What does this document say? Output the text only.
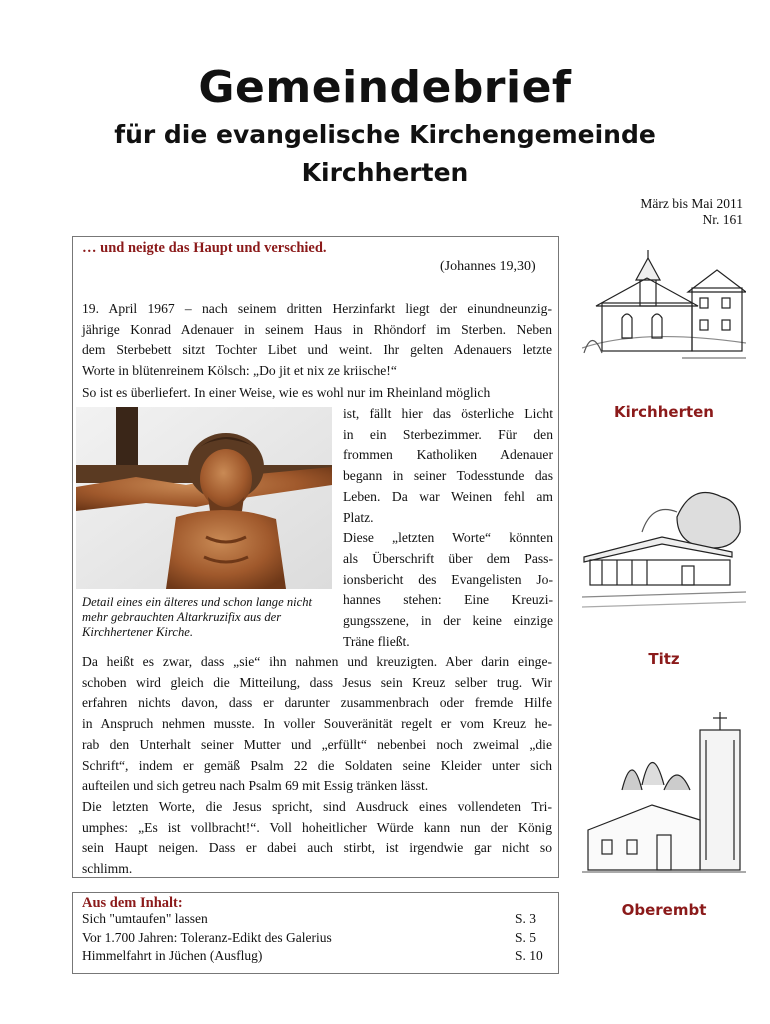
Gemeindebrief
für die evangelische Kirchengemeinde
Kirchherten
März bis Mai 2011
Nr. 161
… und neigte das Haupt und verschied.
(Johannes 19,30)
19. April 1967 – nach seinem dritten Herzinfarkt liegt der einundneunzig-
jährige Konrad Adenauer in seinem Haus in Rhöndorf im Sterben. Neben
dem Sterbebett sitzt Tochter Libet und weint. Ihr gelten Adenauers letzte
Worte in blütenreinem Kölsch: „Do jit et nix ze kriische!“
So ist es überliefert. In einer Weise, wie es wohl nur im Rheinland möglich
Detail eines ein älteres und schon lange nicht mehr gebrauchten Altarkruzifix aus der Kirchhertener Kirche.
ist, fällt hier das österliche Licht
in ein Sterbezimmer. Für den
frommen Katholiken Adenauer
begann in seiner Todesstunde das
Leben. Da war Weinen fehl am
Platz.
Diese „letzten Worte“ könnten
als Überschrift über dem Pass-
ionsbericht des Evangelisten Jo-
hannes stehen: Eine Kreuzi-
gungsszene, in der keine einzige
Träne fließt.
Da heißt es zwar, dass „sie“ ihn nahmen und kreuzigten. Aber darin einge-
schoben wird gleich die Mitteilung, dass Jesus sein Kreuz selber trug. Wir
erfahren nichts davon, dass er darunter zusammenbrach oder fremde Hilfe
in Anspruch nehmen musste. In voller Souveränität regelt er vom Kreuz he-
rab den Unterhalt seiner Mutter und „erfüllt“ nebenbei noch zweimal „die
Schrift“, indem er gemäß Psalm 22 die Soldaten seine Kleider unter sich
aufteilen und sich getreu nach Psalm 69 mit Essig tränken lässt.
Die letzten Worte, die Jesus spricht, sind Ausdruck eines vollendeten Tri-
umphes: „Es ist vollbracht!“. Voll hoheitlicher Würde kann nun der König
sein Haupt neigen. Dass er dabei auch stirbt, ist irgendwie gar nicht so
schlimm.
Aus dem Inhalt:
Sich "umtaufen" lassen	S. 3
Vor 1.700 Jahren: Toleranz-Edikt des Galerius	S. 5
Himmelfahrt in Jüchen (Ausflug)	S. 10
Kirchherten
Titz
Oberembt
